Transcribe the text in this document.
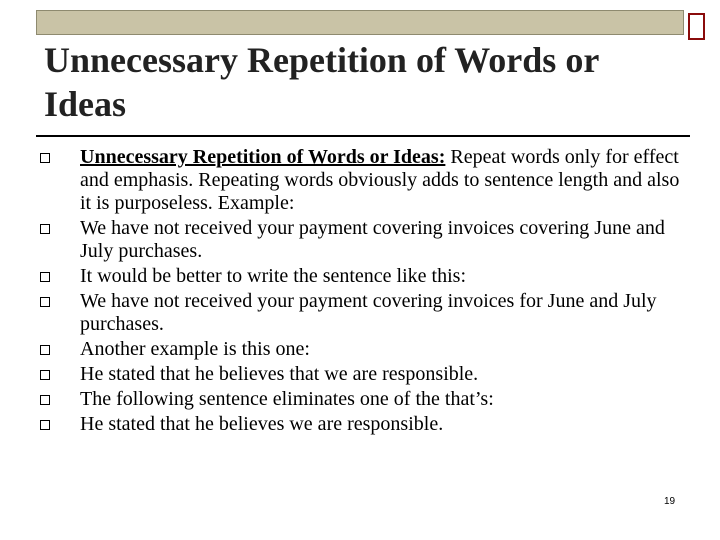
Unnecessary Repetition of Words or Ideas
Unnecessary Repetition of Words or Ideas: Repeat words only for effect and emphasis. Repeating words obviously adds to sentence length and also it is purposeless. Example:
We have not received your payment covering invoices covering June and July purchases.
It would be better to write the sentence like this:
We have not received your payment covering invoices for June and July purchases.
Another example is this one:
He stated that he believes that we are responsible.
The following sentence eliminates one of the that’s:
He stated that he believes we are responsible.
19
